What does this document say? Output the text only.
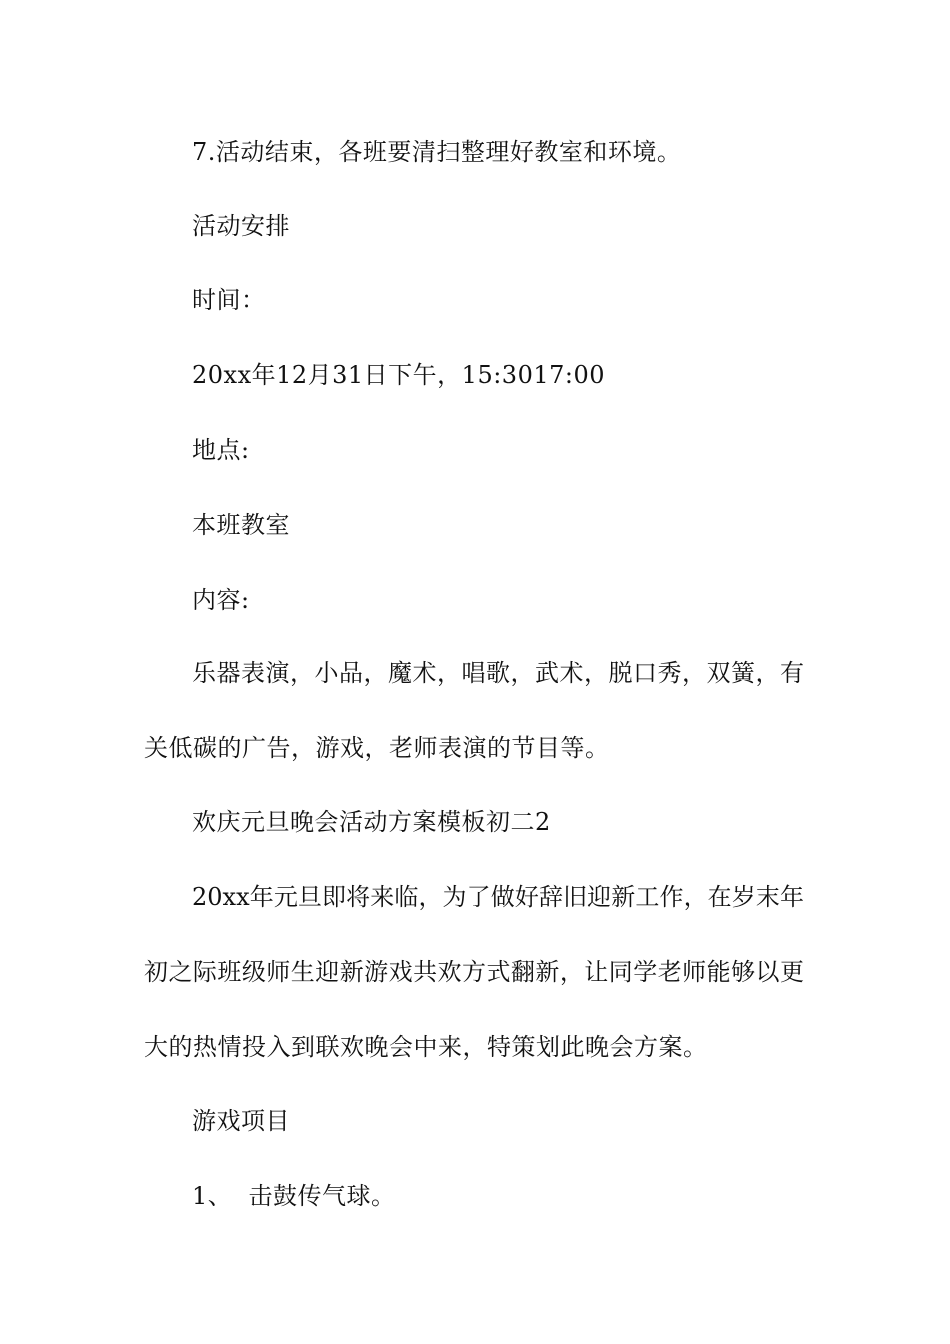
7.活动结束，各班要清扫整理好教室和环境。
活动安排
时间：
20xx年12月31日下午，15:3017:00
地点:
本班教室
内容:
乐器表演，小品，魔术，唱歌，武术，脱口秀，双簧，有
关低碳的广告，游戏，老师表演的节目等。
欢庆元旦晚会活动方案模板初二2
20xx年元旦即将来临，为了做好辞旧迎新工作，在岁末年
初之际班级师生迎新游戏共欢方式翻新，让同学老师能够以更
大的热情投入到联欢晚会中来，特策划此晚会方案。
游戏项目
1、  击鼓传气球。
